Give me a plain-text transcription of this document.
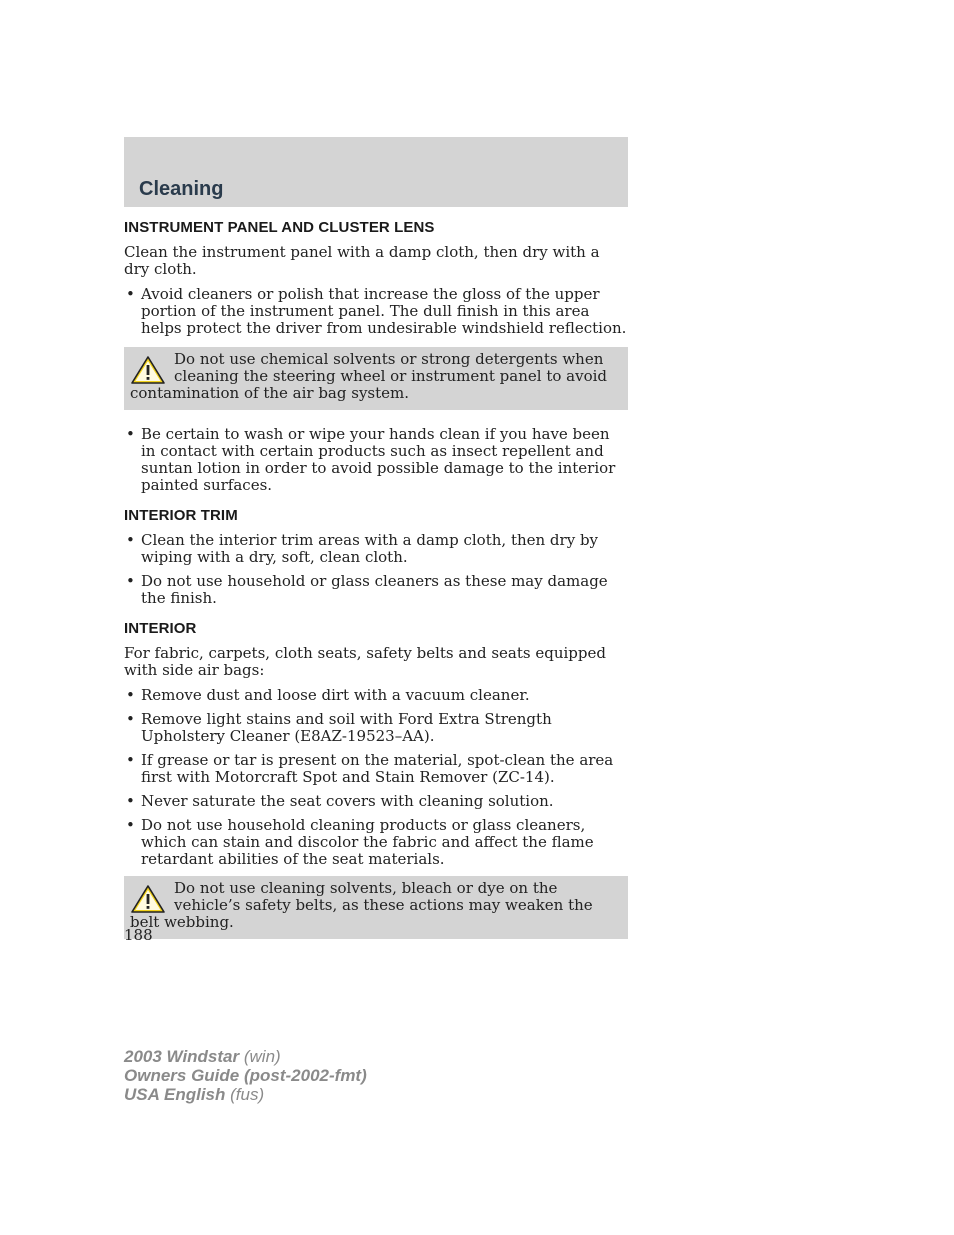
Cleaning
INSTRUMENT PANEL AND CLUSTER LENS

Clean the instrument panel with a damp cloth, then dry with a dry cloth.

• Avoid cleaners or polish that increase the gloss of the upper portion of the instrument panel. The dull finish in this area helps protect the driver from undesirable windshield reflection.
Do not use chemical solvents or strong detergents when cleaning the steering wheel or instrument panel to avoid contamination of the air bag system.
• Be certain to wash or wipe your hands clean if you have been in contact with certain products such as insect repellent and suntan lotion in order to avoid possible damage to the interior painted surfaces.
INTERIOR TRIM
• Clean the interior trim areas with a damp cloth, then dry by wiping with a dry, soft, clean cloth.
• Do not use household or glass cleaners as these may damage the finish.
INTERIOR

For fabric, carpets, cloth seats, safety belts and seats equipped with side air bags:

• Remove dust and loose dirt with a vacuum cleaner.
• Remove light stains and soil with Ford Extra Strength Upholstery Cleaner (E8AZ-19523–AA).
• If grease or tar is present on the material, spot-clean the area first with Motorcraft Spot and Stain Remover (ZC-14).
• Never saturate the seat covers with cleaning solution.
• Do not use household cleaning products or glass cleaners, which can stain and discolor the fabric and affect the flame retardant abilities of the seat materials.
Do not use cleaning solvents, bleach or dye on the vehicle’s safety belts, as these actions may weaken the belt webbing.
188
2003 Windstar (win)
Owners Guide (post-2002-fmt)
USA English (fus)
